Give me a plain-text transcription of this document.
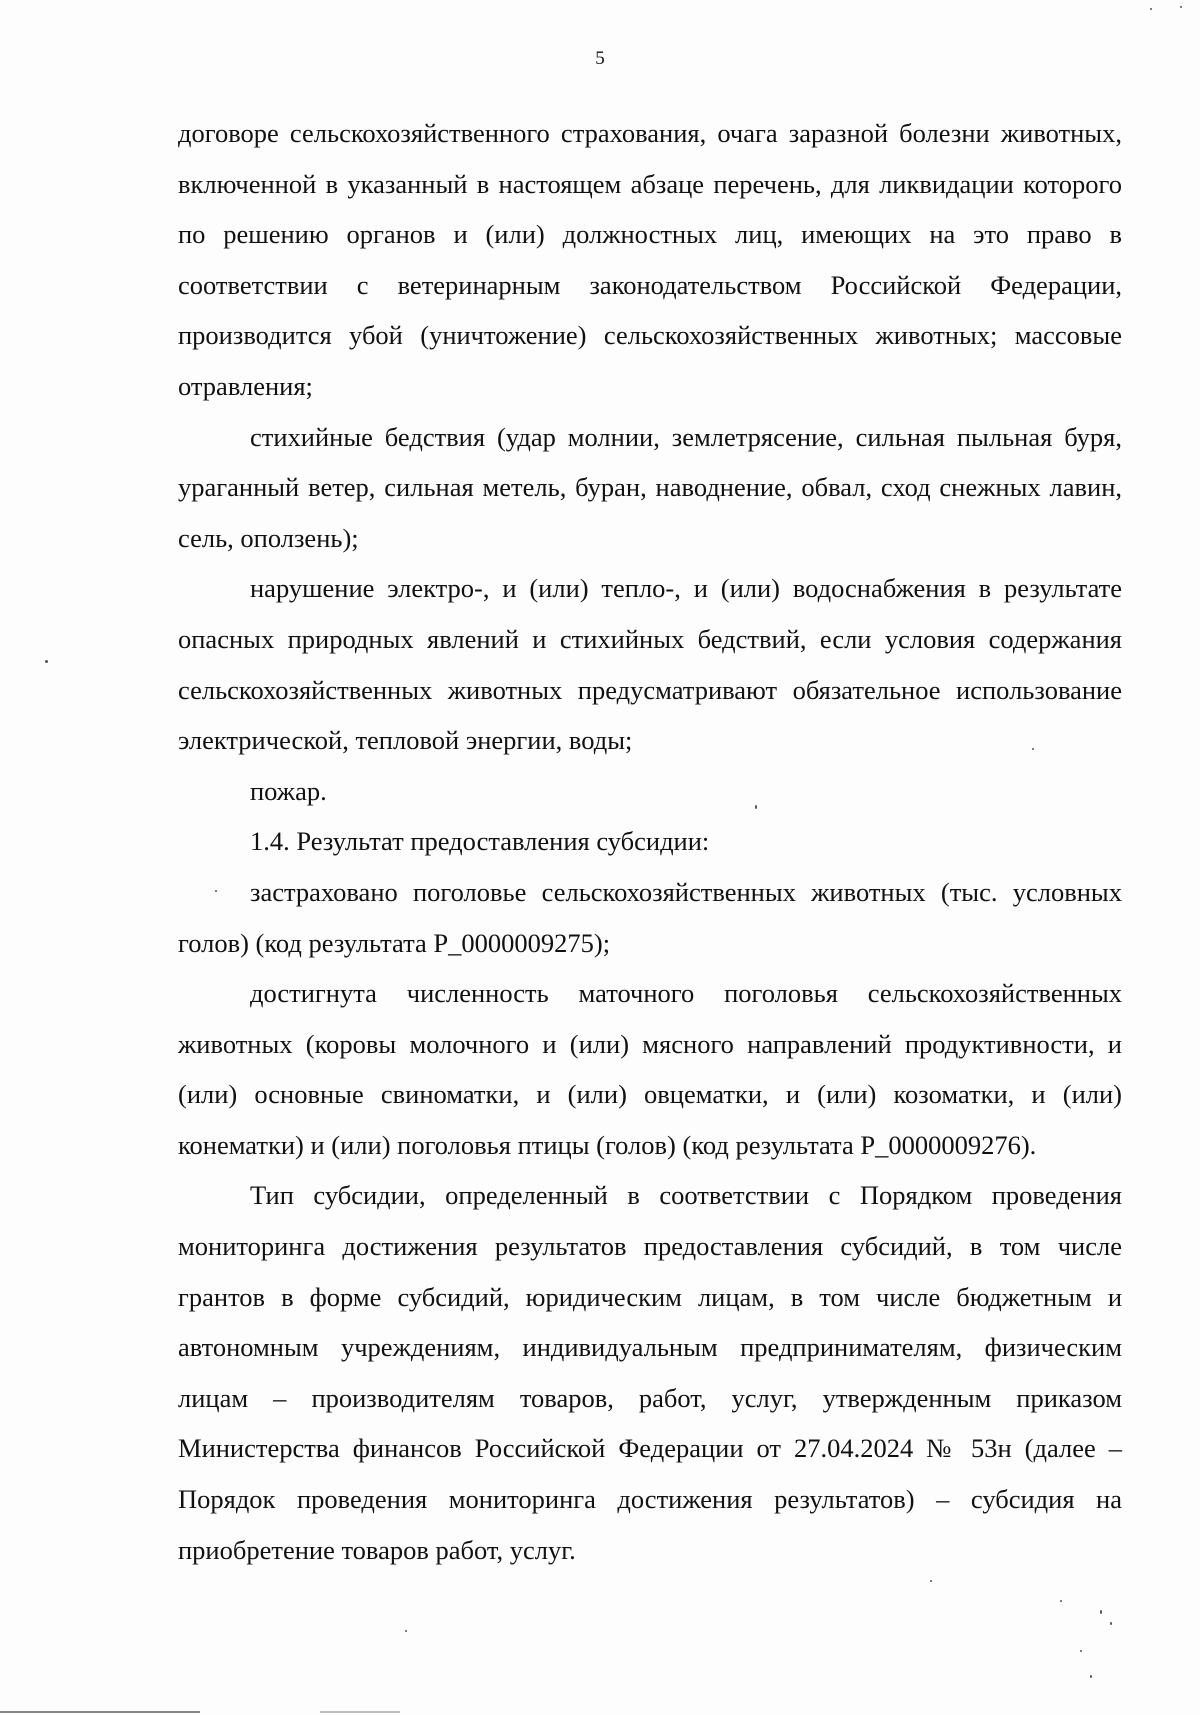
5

договоре сельскохозяйственного страхования, очага заразной болезни животных, включенной в указанный в настоящем абзаце перечень, для ликвидации которого по решению органов и (или) должностных лиц, имеющих на это право в соответствии с ветеринарным законодательством Российской Федерации, производится убой (уничтожение) сельскохозяйственных животных; массовые отравления;

стихийные бедствия (удар молнии, землетрясение, сильная пыльная буря, ураганный ветер, сильная метель, буран, наводнение, обвал, сход снежных лавин, сель, оползень);

нарушение электро-, и (или) тепло-, и (или) водоснабжения в результате опасных природных явлений и стихийных бедствий, если условия содержания сельскохозяйственных животных предусматривают обязательное использование электрической, тепловой энергии, воды;

пожар.

1.4. Результат предоставления субсидии:

застраховано поголовье сельскохозяйственных животных (тыс. условных голов) (код результата P_0000009275);

достигнута численность маточного поголовья сельскохозяйственных животных (коровы молочного и (или) мясного направлений продуктивности, и (или) основные свиноматки, и (или) овцематки, и (или) козоматки, и (или) конематки) и (или) поголовья птицы (голов) (код результата P_0000009276).

Тип субсидии, определенный в соответствии с Порядком проведения мониторинга достижения результатов предоставления субсидий, в том числе грантов в форме субсидий, юридическим лицам, в том числе бюджетным и автономным учреждениям, индивидуальным предпринимателям, физическим лицам – производителям товаров, работ, услуг, утвержденным приказом Министерства финансов Российской Федерации от 27.04.2024 № 53н (далее – Порядок проведения мониторинга достижения результатов) – субсидия на приобретение товаров работ, услуг.
